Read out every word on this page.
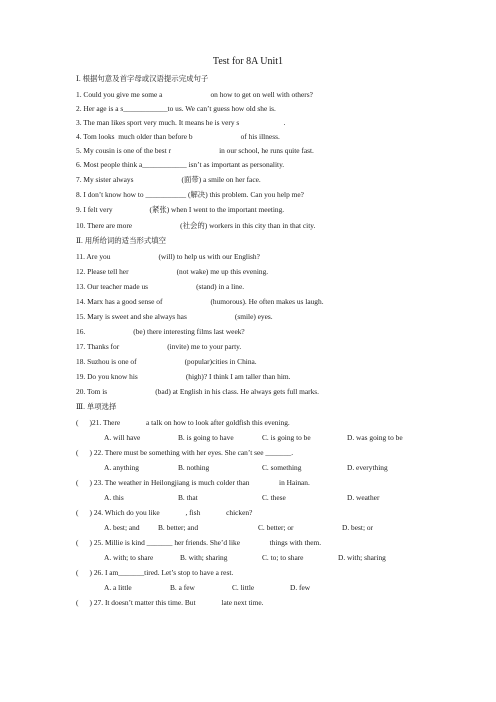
Test for 8A Unit1
Ⅰ. 根据句意及首字母或汉语提示完成句子
1. Could you give me some a                          on how to get on well with others?
2. Her age is a s____________to us. We can’t guess how old she is.
3. The man likes sport very much. It means he is very s                        .
4. Tom looks  much older than before b                          of his illness.
5. My cousin is one of the best r                          in our school, he runs quite fast.
6. Most people think a____________ isn’t as important as personality.
7. My sister always                          (面带) a smile on her face.
8. I don’t know how to ___________ (解决) this problem. Can you help me?
9. I felt very                    (紧张) when I went to the important meeting.
10. There are more                          (社会的) workers in this city than in that city.
Ⅱ. 用所给词的适当形式填空
11. Are you                          (will) to help us with our English?
12. Please tell her                          (not wake) me up this evening.
13. Our teacher made us                          (stand) in a line.
14. Marx has a good sense of                          (humorous). He often makes us laugh.
15. Mary is sweet and she always has                          (smile) eyes.
16.                          (be) there interesting films last week?
17. Thanks for                          (invite) me to your party.
18. Suzhou is one of                          (popular)cities in China.
19. Do you know his                          (high)? I think I am taller than him.
20. Tom is                          (bad) at English in his class. He always gets full marks.
Ⅲ. 单项选择
(      )21. There              a talk on how to look after goldfish this evening.
A. will have	B. is going to have	C. is going to be	D. was going to be
(      ) 22. There must be something with her eyes. She can’t see _______.
A. anything	B. nothing	C. something	D. everything
(      ) 23. The weather in Heilongjiang is much colder than                in Hainan.
A. this	B. that	C. these	D. weather
(      ) 24. Which do you like              , fish              chicken?
A. best; and B. better; and	C. better; or	D. best; or
(      ) 25. Millie is kind _______ her friends. She’d like                things with them.
A. with; to share	B. with; sharing	C. to; to share	D. with; sharing
(      ) 26. I am_______tired. Let’s stop to have a rest.
A. a little	B. a few	C. little	D. few
(      ) 27. It doesn’t matter this time. But              late next time.
